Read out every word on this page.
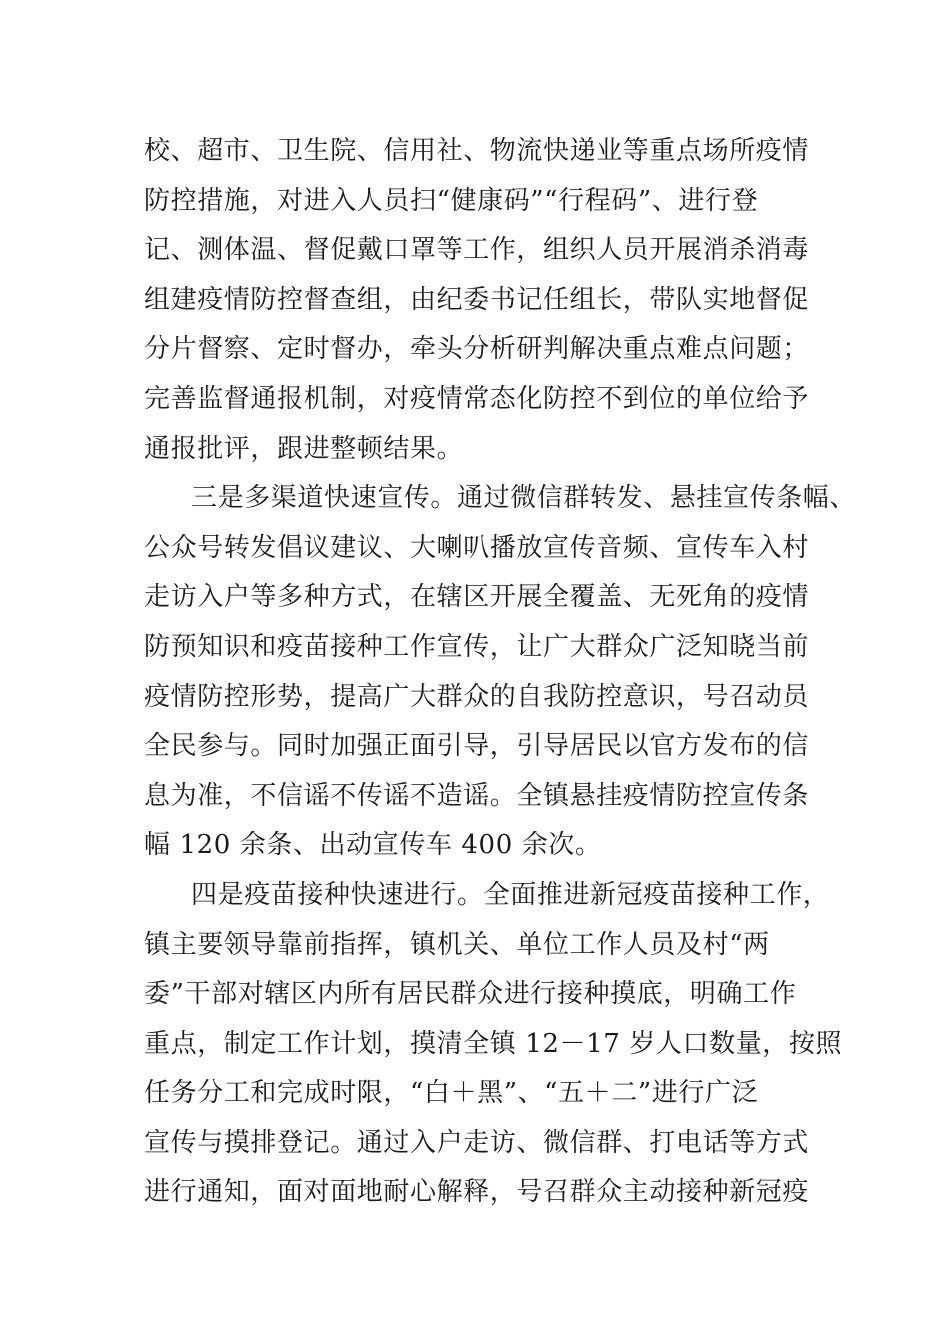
校、超市、卫生院、信用社、物流快递业等重点场所疫情
防控措施，对进入人员扫“健康码”“行程码”、进行登
记、测体温、督促戴口罩等工作，组织人员开展消杀消毒
组建疫情防控督查组，由纪委书记任组长，带队实地督促
分片督察、定时督办，牵头分析研判解决重点难点问题；
完善监督通报机制，对疫情常态化防控不到位的单位给予
通报批评，跟进整顿结果。
三是多渠道快速宣传。通过微信群转发、悬挂宣传条幅、
公众号转发倡议建议、大喇叭播放宣传音频、宣传车入村
走访入户等多种方式，在辖区开展全覆盖、无死角的疫情
防预知识和疫苗接种工作宣传，让广大群众广泛知晓当前
疫情防控形势，提高广大群众的自我防控意识，号召动员
全民参与。同时加强正面引导，引导居民以官方发布的信
息为准，不信谣不传谣不造谣。全镇悬挂疫情防控宣传条
幅 120 余条、出动宣传车 400 余次。
四是疫苗接种快速进行。全面推进新冠疫苗接种工作，
镇主要领导靠前指挥，镇机关、单位工作人员及村“两
委”干部对辖区内所有居民群众进行接种摸底，明确工作
重点，制定工作计划，摸清全镇 12－17 岁人口数量，按照
任务分工和完成时限，“白＋黑”、“五＋二”进行广泛
宣传与摸排登记。通过入户走访、微信群、打电话等方式
进行通知，面对面地耐心解释，号召群众主动接种新冠疫
